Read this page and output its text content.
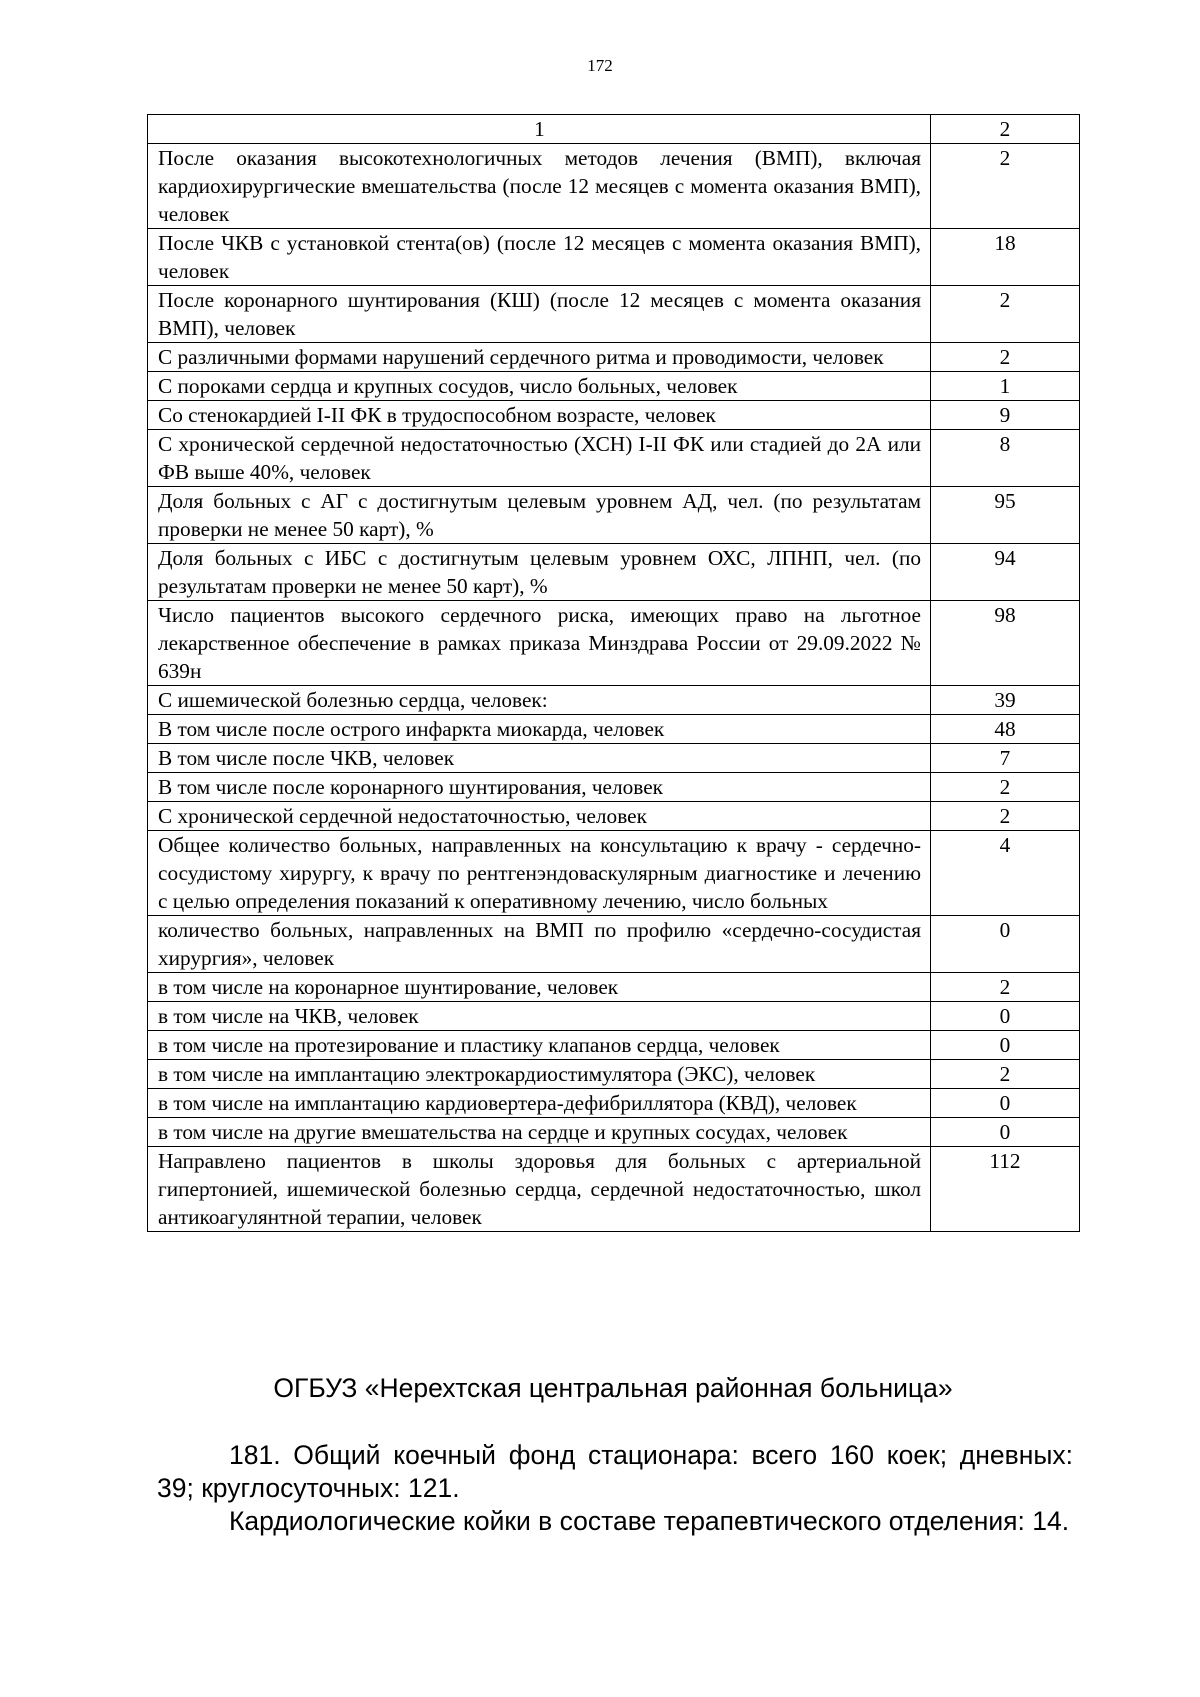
172
1	2
После оказания высокотехнологичных методов лечения (ВМП), включая кардиохирургические вмешательства (после 12 месяцев с момента оказания ВМП), человек	2
После ЧКВ с установкой стента(ов) (после 12 месяцев с момента оказания ВМП), человек	18
После коронарного шунтирования (КШ) (после 12 месяцев с момента оказания ВМП), человек	2
С различными формами нарушений сердечного ритма и проводимости, человек	2
С пороками сердца и крупных сосудов, число больных, человек	1
Со стенокардией I-II ФК в трудоспособном возрасте, человек	9
С хронической сердечной недостаточностью (ХСН) I-II ФК или стадией до 2А или ФВ выше 40%, человек	8
Доля больных с АГ с достигнутым целевым уровнем АД, чел. (по результатам проверки не менее 50 карт), %	95
Доля больных с ИБС с достигнутым целевым уровнем ОХС, ЛПНП, чел. (по результатам проверки не менее 50 карт), %	94
Число пациентов высокого сердечного риска, имеющих право на льготное лекарственное обеспечение в рамках приказа Минздрава России от 29.09.2022 № 639н	98
С ишемической болезнью сердца, человек:	39
В том числе после острого инфаркта миокарда, человек	48
В том числе после ЧКВ, человек	7
В том числе после коронарного шунтирования, человек	2
С хронической сердечной недостаточностью, человек	2
Общее количество больных, направленных на консультацию к врачу - сердечно-сосудистому хирургу, к врачу по рентгенэндоваскулярным диагностике и лечению с целью определения показаний к оперативному лечению, число больных	4
количество больных, направленных на ВМП по профилю «сердечно-сосудистая хирургия», человек	0
в том числе на коронарное шунтирование, человек	2
в том числе на ЧКВ, человек	0
в том числе на протезирование и пластику клапанов сердца, человек	0
в том числе на имплантацию электрокардиостимулятора (ЭКС), человек	2
в том числе на имплантацию кардиовертера-дефибриллятора (КВД), человек	0
в том числе на другие вмешательства на сердце и крупных сосудах, человек	0
Направлено пациентов в школы здоровья для больных с артериальной гипертонией, ишемической болезнью сердца, сердечной недостаточностью, школ антикоагулянтной терапии, человек	112
ОГБУЗ «Нерехтская центральная районная больница»
181. Общий коечный фонд стационара: всего 160 коек; дневных: 39; круглосуточных: 121.
Кардиологические койки в составе терапевтического отделения: 14.
